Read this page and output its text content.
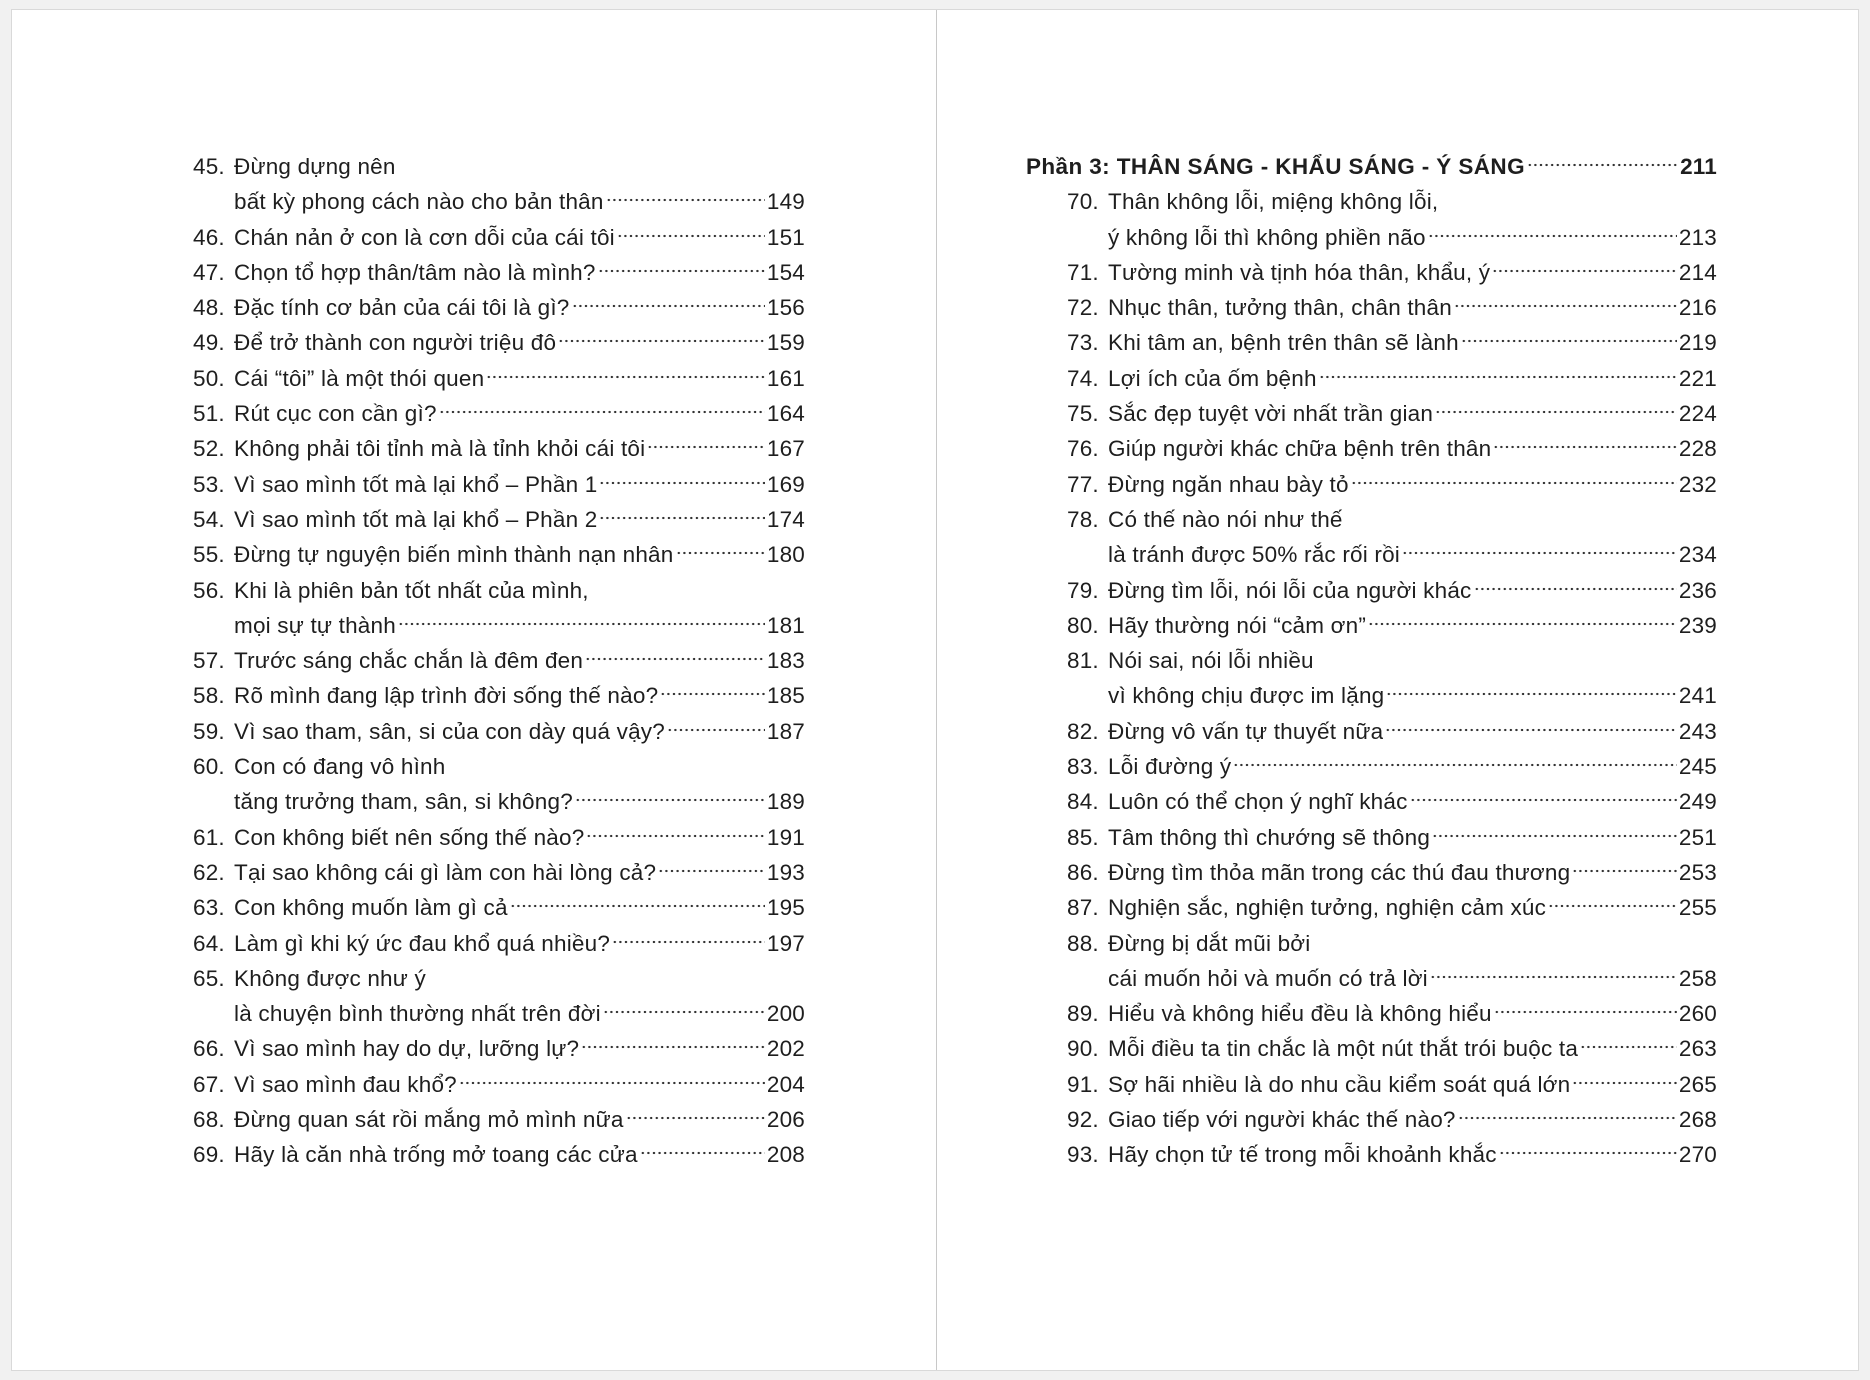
45. Đừng dựng nên
bất kỳ phong cách nào cho bản thân	149
46. Chán nản ở con là cơn dỗi của cái tôi	151
47. Chọn tổ hợp thân/tâm nào là mình?	154
48. Đặc tính cơ bản của cái tôi là gì?	156
49. Để trở thành con người triệu đô	159
50. Cái “tôi” là một thói quen	161
51. Rút cục con cần gì?	164
52. Không phải tôi tỉnh mà là tỉnh khỏi cái tôi	167
53. Vì sao mình tốt mà lại khổ – Phần 1	169
54. Vì sao mình tốt mà lại khổ – Phần 2	174
55. Đừng tự nguyện biến mình thành nạn nhân	180
56. Khi là phiên bản tốt nhất của mình,
mọi sự tự thành	181
57. Trước sáng chắc chắn là đêm đen	183
58. Rõ mình đang lập trình đời sống thế nào?	185
59. Vì sao tham, sân, si của con dày quá vậy?	187
60. Con có đang vô hình
tăng trưởng tham, sân, si không?	189
61. Con không biết nên sống thế nào?	191
62. Tại sao không cái gì làm con hài lòng cả?	193
63. Con không muốn làm gì cả	195
64. Làm gì khi ký ức đau khổ quá nhiều?	197
65. Không được như ý
là chuyện bình thường nhất trên đời	200
66. Vì sao mình hay do dự, lưỡng lự?	202
67. Vì sao mình đau khổ?	204
68. Đừng quan sát rồi mắng mỏ mình nữa	206
69. Hãy là căn nhà trống mở toang các cửa	208
Phần 3: THÂN SÁNG - KHẨU SÁNG - Ý SÁNG	211
70. Thân không lỗi, miệng không lỗi,
ý không lỗi thì không phiền não	213
71. Tường minh và tịnh hóa thân, khẩu, ý	214
72. Nhục thân, tưởng thân, chân thân	216
73. Khi tâm an, bệnh trên thân sẽ lành	219
74. Lợi ích của ốm bệnh	221
75. Sắc đẹp tuyệt vời nhất trần gian	224
76. Giúp người khác chữa bệnh trên thân	228
77. Đừng ngăn nhau bày tỏ	232
78. Có thế nào nói như thế
là tránh được 50% rắc rối rồi	234
79. Đừng tìm lỗi, nói lỗi của người khác	236
80. Hãy thường nói “cảm ơn”	239
81. Nói sai, nói lỗi nhiều
vì không chịu được im lặng	241
82. Đừng vô vấn tự thuyết nữa	243
83. Lỗi đường ý	245
84. Luôn có thể chọn ý nghĩ khác	249
85. Tâm thông thì chướng sẽ thông	251
86. Đừng tìm thỏa mãn trong các thú đau thương	253
87. Nghiện sắc, nghiện tưởng, nghiện cảm xúc	255
88. Đừng bị dắt mũi bởi
cái muốn hỏi và muốn có trả lời	258
89. Hiểu và không hiểu đều là không hiểu	260
90. Mỗi điều ta tin chắc là một nút thắt trói buộc ta	263
91. Sợ hãi nhiều là do nhu cầu kiểm soát quá lớn	265
92. Giao tiếp với người khác thế nào?	268
93. Hãy chọn tử tế trong mỗi khoảnh khắc	270
